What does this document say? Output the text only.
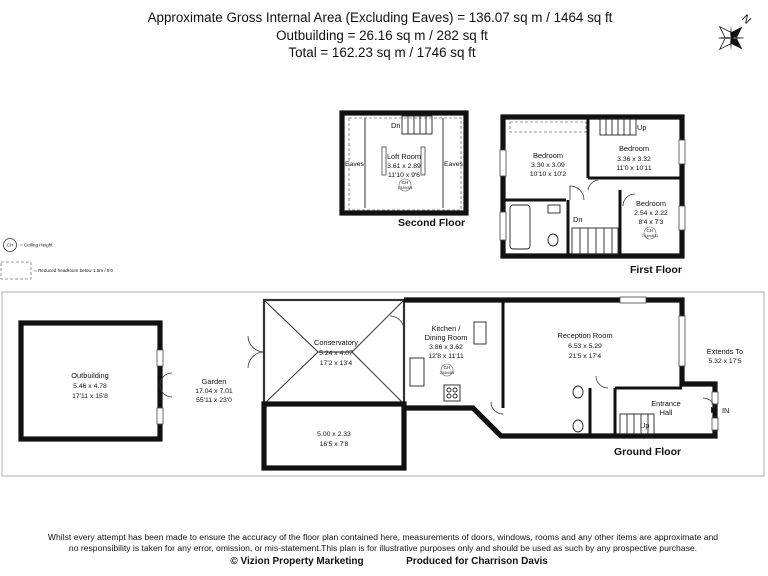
Approximate Gross Internal Area (Excluding Eaves) = 136.07 sq m / 1464 sq ft
Outbuilding = 26.16 sq m / 282 sq ft
Total = 162.23 sq m / 1746 sq ft
N
CH = Ceiling Height
= Reduced headroom below 1.5m / 5'0
Dn
Loft Room
3.61 x 2.89
11'10 x 9'6
CH
1.92m/6'4
Eaves	Eaves
Second Floor
Bedroom
3.30 x 3.09
10'10 x 10'2
Bedroom
3.36 x 3.32
11'0 x 10'11
Bedroom
2.54 x 2.22
8'4 x 7'3
CH
2.11m/6'11
Up
Dn
First Floor
Outbuilding
5.46 x 4.78
17'11 x 15'8
Garden
17.04 x 7.01
55'11 x 23'0
Conservatory
5.24 x 4.07
17'2 x 13'4
5.00 x 2.33
16'5 x 7'8
Kitchen /
Dining Room
3.86 x 3.62
12'8 x 11'11
CH
2.53m/8'4
Reception Room
6.53 x 5.29
21'5 x 17'4
Entrance
Hall
Up
IN
▶
Extends To
5.32 x 17'5
Ground Floor
Whilst every attempt has been made to ensure the accuracy of the floor plan contained here, measurements of doors, windows, rooms and any other items are approximate and
no responsibility is taken for any error, omission, or mis-statement.This plan is for illustrative purposes only and should be used as such by any prospective purchase.
© Vizion Property Marketing	Produced for Charrison Davis
